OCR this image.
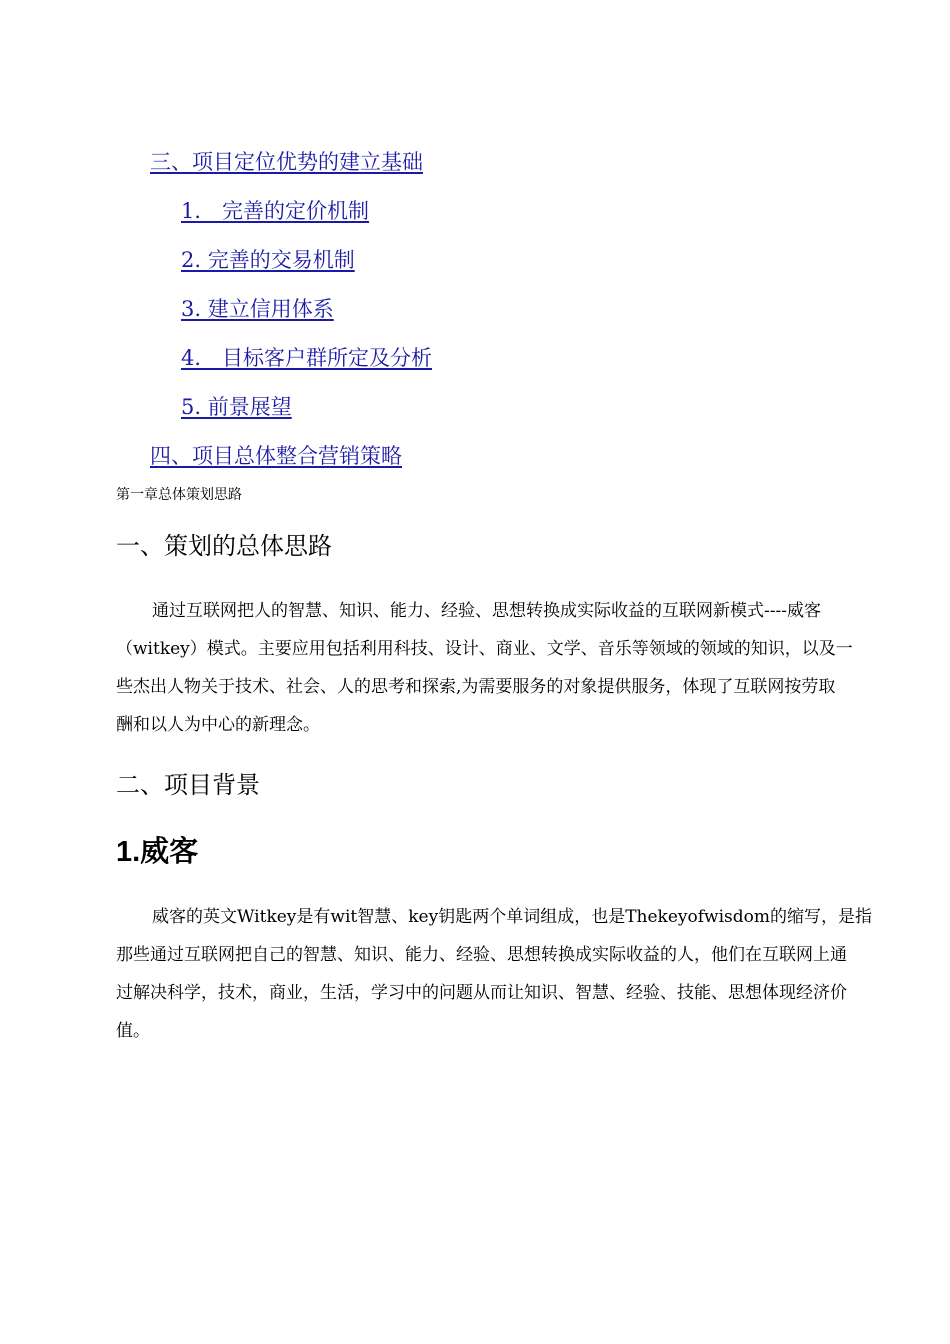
三、项目定位优势的建立基础
1． 完善的定价机制
2. 完善的交易机制
3. 建立信用体系
4． 目标客户群所定及分析
5. 前景展望
四、项目总体整合营销策略
第一章总体策划思路
一、策划的总体思路
通过互联网把人的智慧、知识、能力、经验、思想转换成实际收益的互联网新模式----威客
（witkey）模式。主要应用包括利用科技、设计、商业、文学、音乐等领域的领域的知识，以及一
些杰出人物关于技术、社会、人的思考和探索,为需要服务的对象提供服务，体现了互联网按劳取
酬和以人为中心的新理念。
二、项目背景
1.威客
威客的英文Witkey是有wit智慧、key钥匙两个单词组成，也是Thekeyofwisdom的缩写，是指
那些通过互联网把自己的智慧、知识、能力、经验、思想转换成实际收益的人，他们在互联网上通
过解决科学，技术，商业，生活，学习中的问题从而让知识、智慧、经验、技能、思想体现经济价
值。
